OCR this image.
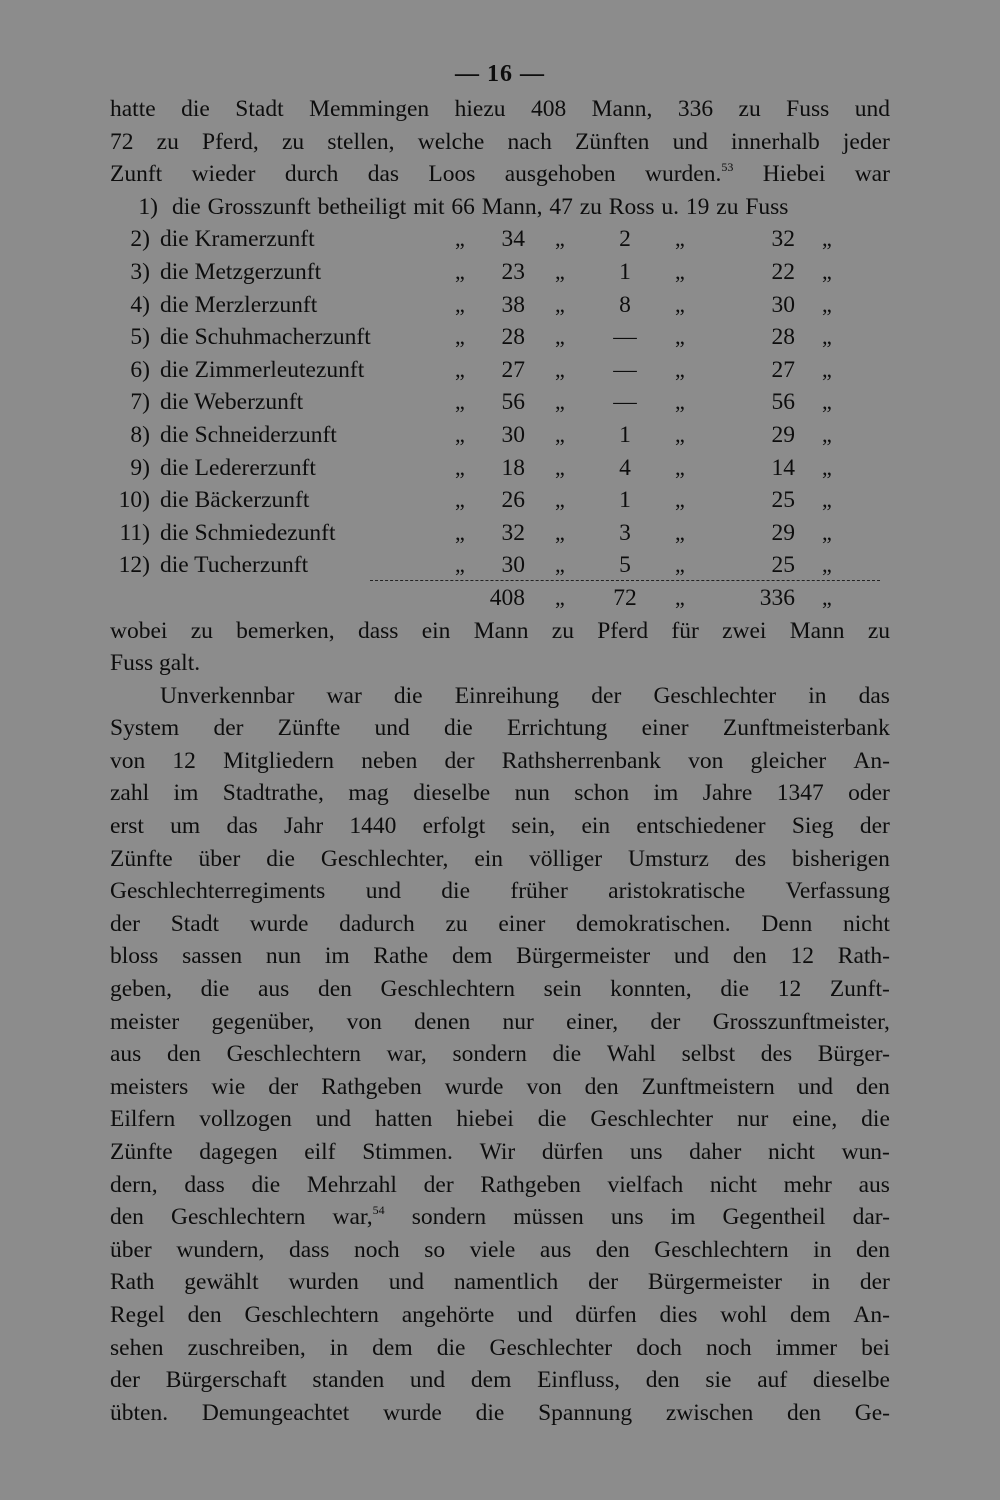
— 16 —
hatte die Stadt Memmingen hiezu 408 Mann, 336 zu Fuss und
72 zu Pferd, zu stellen, welche nach Zünften und innerhalb jeder
Zunft wieder durch das Loos ausgehoben wurden.$^{53}$ Hiebei war
1) die Grosszunft betheiligt mit 66 Mann, 47 zu Ross u. 19 zu Fuss
2) die Kramerzunft	„	34 „	2	„	32 „
3) die Metzgerzunft	„	23 „	1	„	22 „
4) die Merzlerzunft	„	38 „	8	„	30 „
5) die Schuhmacherzunft	„	28 „	—	„	28 „
6) die Zimmerleutezunft	„	27 „	—	„	27 „
7) die Weberzunft	„	56 „	—	„	56 „
8) die Schneiderzunft	„	30 „	1	„	29 „
9) die Ledererzunft	„	18 „	4	„	14 „
10) die Bäckerzunft	„	26 „	1	„	25 „
11) die Schmiedezunft	„	32 „	3	„	29 „
12) die Tucherzunft	„	30 „	5	„	25 „
408 „	72	„	336 „
wobei zu bemerken, dass ein Mann zu Pferd für zwei Mann zu
Fuss galt.
Unverkennbar war die Einreihung der Geschlechter in das
System der Zünfte und die Errichtung einer Zunftmeisterbank
von 12 Mitgliedern neben der Rathsherrenbank von gleicher An-
zahl im Stadtrathe, mag dieselbe nun schon im Jahre 1347 oder
erst um das Jahr 1440 erfolgt sein, ein entschiedener Sieg der
Zünfte über die Geschlechter, ein völliger Umsturz des bisherigen
Geschlechterregiments und die früher aristokratische Verfassung
der Stadt wurde dadurch zu einer demokratischen. Denn nicht
bloss sassen nun im Rathe dem Bürgermeister und den 12 Rath-
geben, die aus den Geschlechtern sein konnten, die 12 Zunft-
meister gegenüber, von denen nur einer, der Grosszunftmeister,
aus den Geschlechtern war, sondern die Wahl selbst des Bürger-
meisters wie der Rathgeben wurde von den Zunftmeistern und den
Eilfern vollzogen und hatten hiebei die Geschlechter nur eine, die
Zünfte dagegen eilf Stimmen. Wir dürfen uns daher nicht wun-
dern, dass die Mehrzahl der Rathgeben vielfach nicht mehr aus
den Geschlechtern war,$^{54}$ sondern müssen uns im Gegentheil dar-
über wundern, dass noch so viele aus den Geschlechtern in den
Rath gewählt wurden und namentlich der Bürgermeister in der
Regel den Geschlechtern angehörte und dürfen dies wohl dem An-
sehen zuschreiben, in dem die Geschlechter doch noch immer bei
der Bürgerschaft standen und dem Einfluss, den sie auf dieselbe
übten. Demungeachtet wurde die Spannung zwischen den Ge-
